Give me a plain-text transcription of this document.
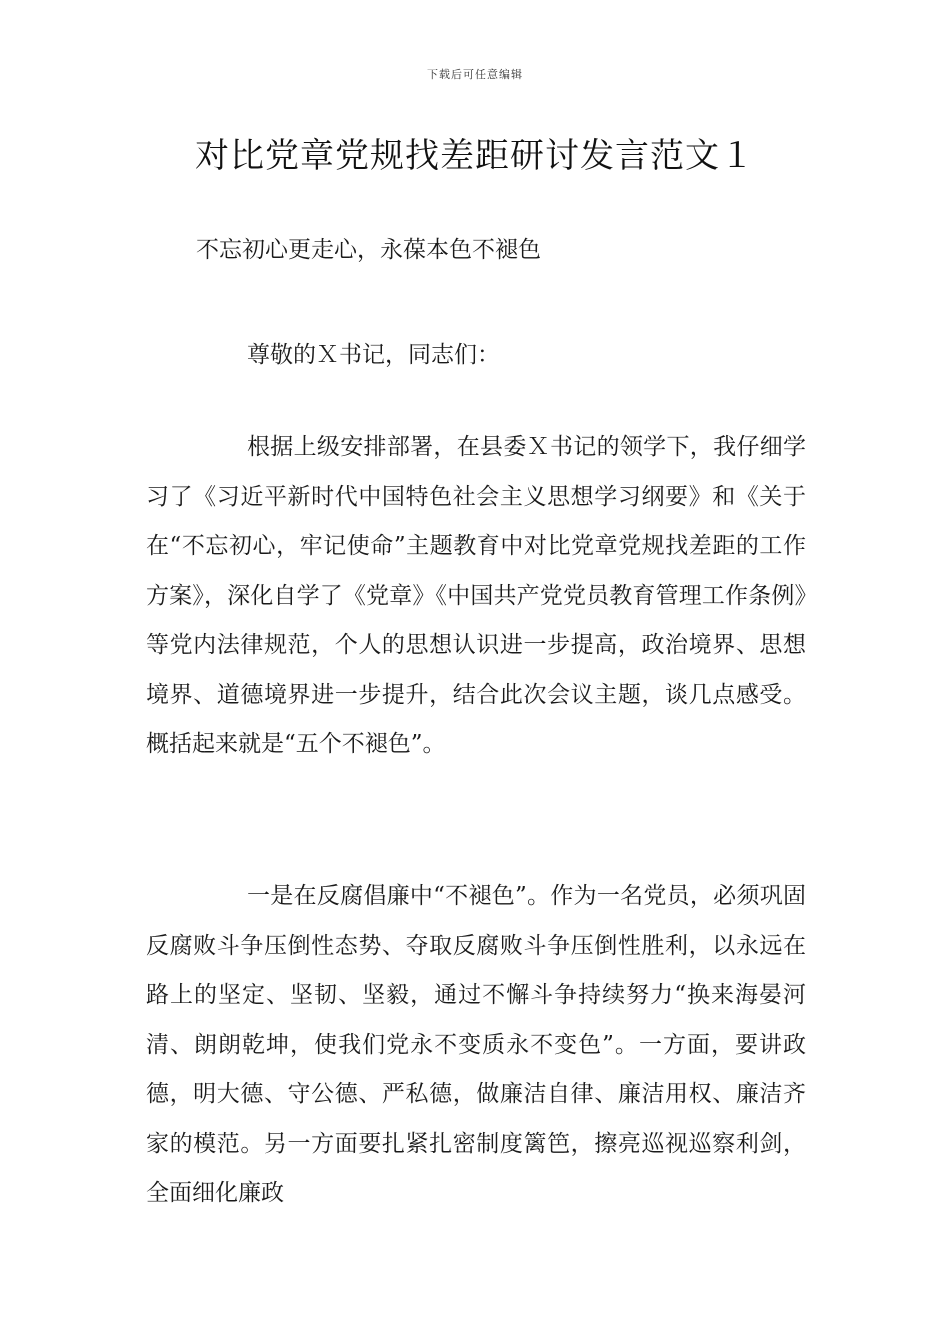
下载后可任意编辑
对比党章党规找差距研讨发言范文１
不忘初心更走心，永葆本色不褪色
尊敬的Ｘ书记，同志们：

根据上级安排部署，在县委Ｘ书记的领学下，我仔细学习了《习近平新时代中国特色社会主义思想学习纲要》和《关于在“不忘初心，牢记使命”主题教育中对比党章党规找差距的工作方案》，深化自学了《党章》《中国共产党党员教育管理工作条例》等党内法律规范，个人的思想认识进一步提高，政治境界、思想境界、道德境界进一步提升，结合此次会议主题，谈几点感受。概括起来就是“五个不褪色”。

一是在反腐倡廉中“不褪色”。作为一名党员，必须巩固反腐败斗争压倒性态势、夺取反腐败斗争压倒性胜利，以永远在路上的坚定、坚韧、坚毅，通过不懈斗争持续努力“换来海晏河清、朗朗乾坤，使我们党永不变质永不变色”。一方面，要讲政德，明大德、守公德、严私德，做廉洁自律、廉洁用权、廉洁齐家的模范。另一方面要扎紧扎密制度篱笆，擦亮巡视巡察利剑，全面细化廉政
